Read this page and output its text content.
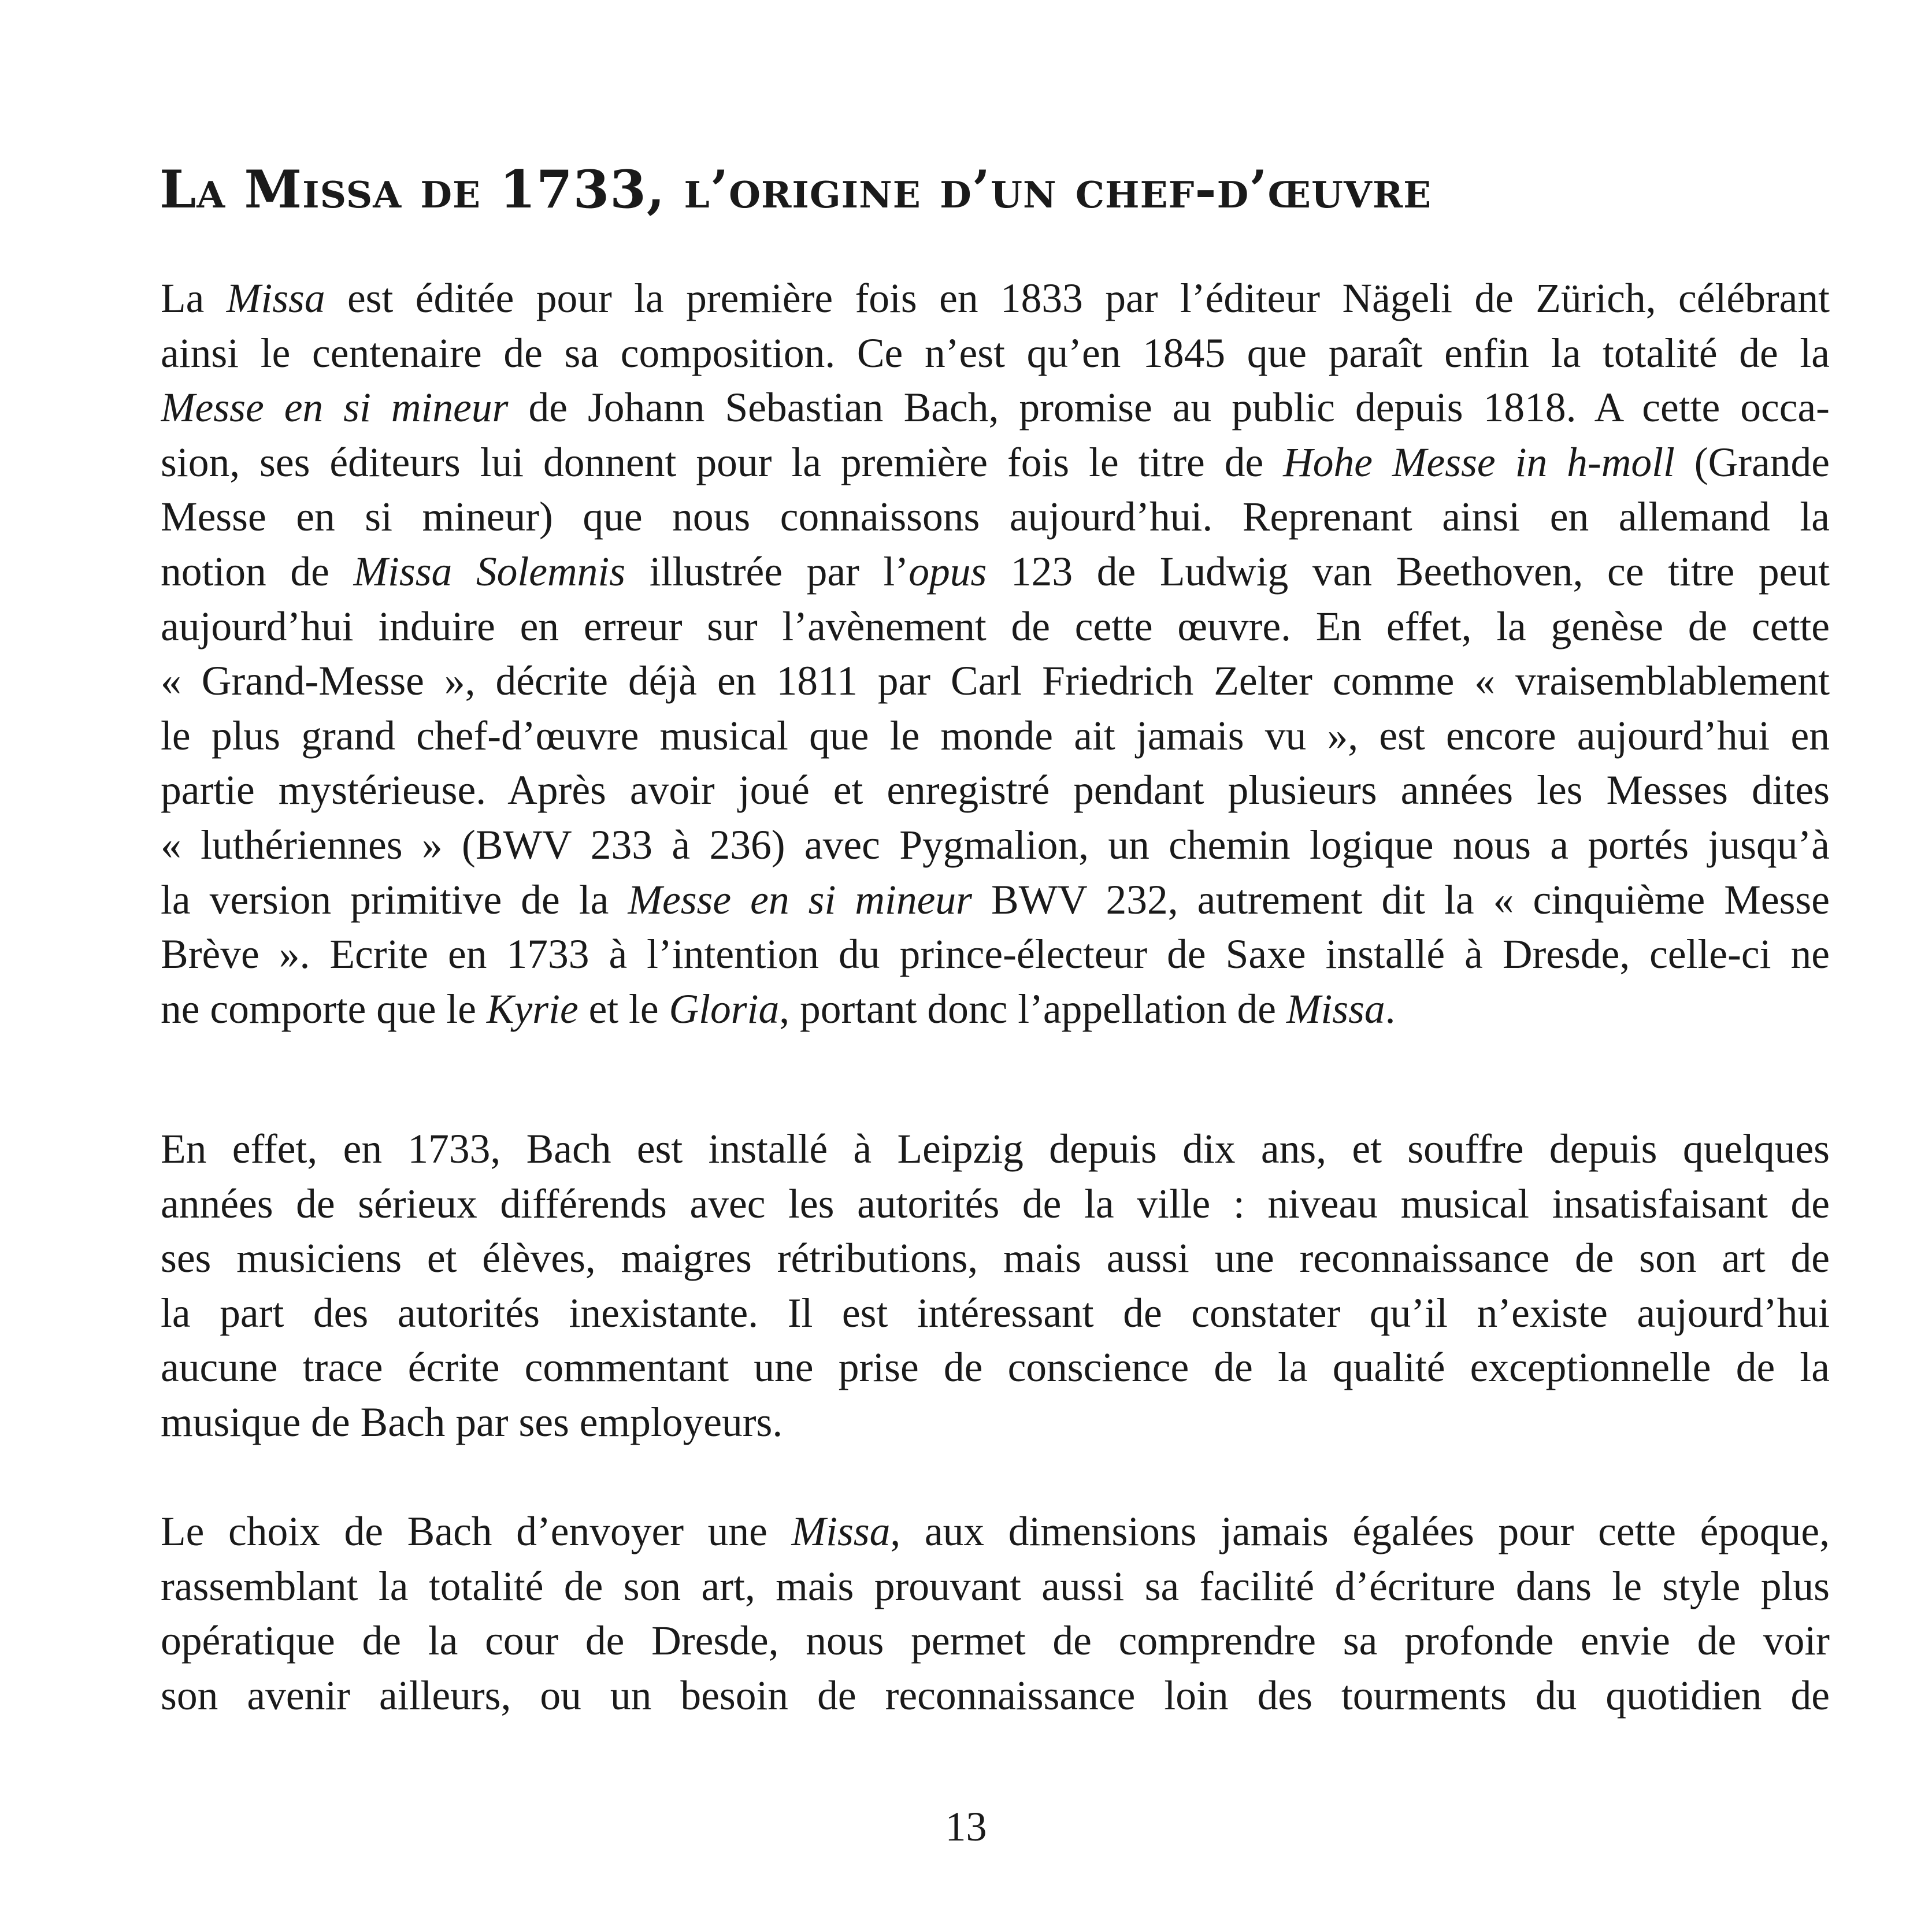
La Missa de 1733, l’origine d’un chef-d’œuvre
La Missa est éditée pour la première fois en 1833 par l’éditeur Nägeli de Zürich, célébrant
ainsi le centenaire de sa composition. Ce n’est qu’en 1845 que paraît enfin la totalité de la
Messe en si mineur de Johann Sebastian Bach, promise au public depuis 1818. A cette occa-
sion, ses éditeurs lui donnent pour la première fois le titre de Hohe Messe in h-moll (Grande
Messe en si mineur) que nous connaissons aujourd’hui. Reprenant ainsi en allemand la
notion de Missa Solemnis illustrée par l’opus 123 de Ludwig van Beethoven, ce titre peut
aujourd’hui induire en erreur sur l’avènement de cette œuvre. En effet, la genèse de cette
« Grand-Messe », décrite déjà en 1811 par Carl Friedrich Zelter comme « vraisemblablement
le plus grand chef-d’œuvre musical que le monde ait jamais vu », est encore aujourd’hui en
partie mystérieuse. Après avoir joué et enregistré pendant plusieurs années les Messes dites
« luthériennes » (BWV 233 à 236) avec Pygmalion, un chemin logique nous a portés jusqu’à
la version primitive de la Messe en si mineur BWV 232, autrement dit la « cinquième Messe
Brève ». Ecrite en 1733 à l’intention du prince-électeur de Saxe installé à Dresde, celle-ci ne
ne comporte que le Kyrie et le Gloria, portant donc l’appellation de Missa.
En effet, en 1733, Bach est installé à Leipzig depuis dix ans, et souffre depuis quelques
années de sérieux différends avec les autorités de la ville : niveau musical insatisfaisant de
ses musiciens et élèves, maigres rétributions, mais aussi une reconnaissance de son art de
la part des autorités inexistante. Il est intéressant de constater qu’il n’existe aujourd’hui
aucune trace écrite commentant une prise de conscience de la qualité exceptionnelle de la
musique de Bach par ses employeurs.
Le choix de Bach d’envoyer une Missa, aux dimensions jamais égalées pour cette époque,
rassemblant la totalité de son art, mais prouvant aussi sa facilité d’écriture dans le style plus
opératique de la cour de Dresde, nous permet de comprendre sa profonde envie de voir
son avenir ailleurs, ou un besoin de reconnaissance loin des tourments du quotidien de
13
